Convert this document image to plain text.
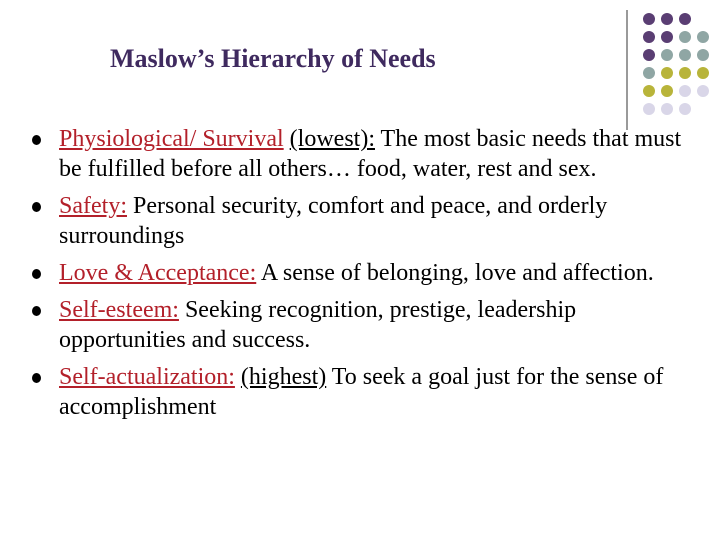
Maslow’s Hierarchy of Needs
Physiological/ Survival (lowest): The most basic needs that must be fulfilled before all others… food, water, rest and sex.
Safety: Personal security, comfort and peace, and orderly surroundings
Love & Acceptance: A sense of belonging, love and affection.
Self-esteem: Seeking recognition, prestige, leadership opportunities and success.
Self-actualization: (highest) To seek a goal just for the sense of accomplishment
